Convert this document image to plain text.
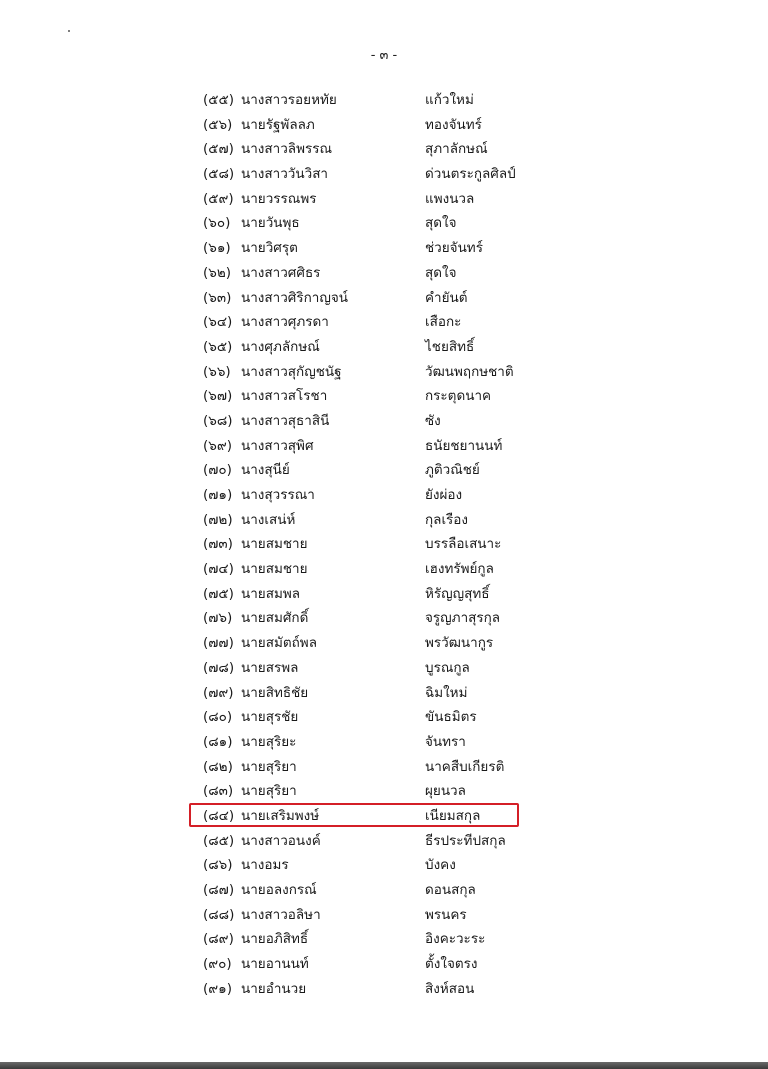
- ๓ -
(๕๕) นางสาวรอยหทัย	แก้วใหม่
(๕๖) นายรัฐพัลลภ	ทองจันทร์
(๕๗) นางสาวลิพรรณ	สุภาลักษณ์
(๕๘) นางสาววันวิสา	ด่วนตระกูลศิลป์
(๕๙) นายวรรณพร	แพงนวล
(๖๐) นายวันพุธ	สุดใจ
(๖๑) นายวิศรุต	ช่วยจันทร์
(๖๒) นางสาวศศิธร	สุดใจ
(๖๓) นางสาวศิริกาญจน์	คำยันต์
(๖๔) นางสาวศุภรดา	เสือกะ
(๖๕) นางศุภลักษณ์	ไชยสิทธิ์
(๖๖) นางสาวสุกัญชนัฐ	วัฒนพฤกษชาติ
(๖๗) นางสาวสโรชา	กระตุดนาค
(๖๘) นางสาวสุธาสินี	ซัง
(๖๙) นางสาวสุพิศ	ธนัยชยานนท์
(๗๐) นางสุนีย์	ภูติวณิชย์
(๗๑) นางสุวรรณา	ยังผ่อง
(๗๒) นางเสน่ห์	กุลเรือง
(๗๓) นายสมชาย	บรรลือเสนาะ
(๗๔) นายสมชาย	เฮงทรัพย์กูล
(๗๕) นายสมพล	หิรัญญสุทธิ์
(๗๖) นายสมศักดิ์	จรูญภาสุรกุล
(๗๗) นายสมัตถ์พล	พรวัฒนากูร
(๗๘) นายสรพล	บูรณกูล
(๗๙) นายสิทธิชัย	ฉิมใหม่
(๘๐) นายสุรชัย	ขันธมิตร
(๘๑) นายสุริยะ	จันทรา
(๘๒) นายสุริยา	นาคสืบเกียรติ
(๘๓) นายสุริยา	ผุยนวล
(๘๔) นายเสริมพงษ์	เนียมสกุล
(๘๕) นางสาวอนงค์	ธีรประทีปสกุล
(๘๖) นางอมร	บังคง
(๘๗) นายอลงกรณ์	ดอนสกุล
(๘๘) นางสาวอลิษา	พรนคร
(๘๙) นายอภิสิทธิ์	อิงคะวะระ
(๙๐) นายอานนท์	ตั้งใจตรง
(๙๑) นายอำนวย	สิงห์สอน
